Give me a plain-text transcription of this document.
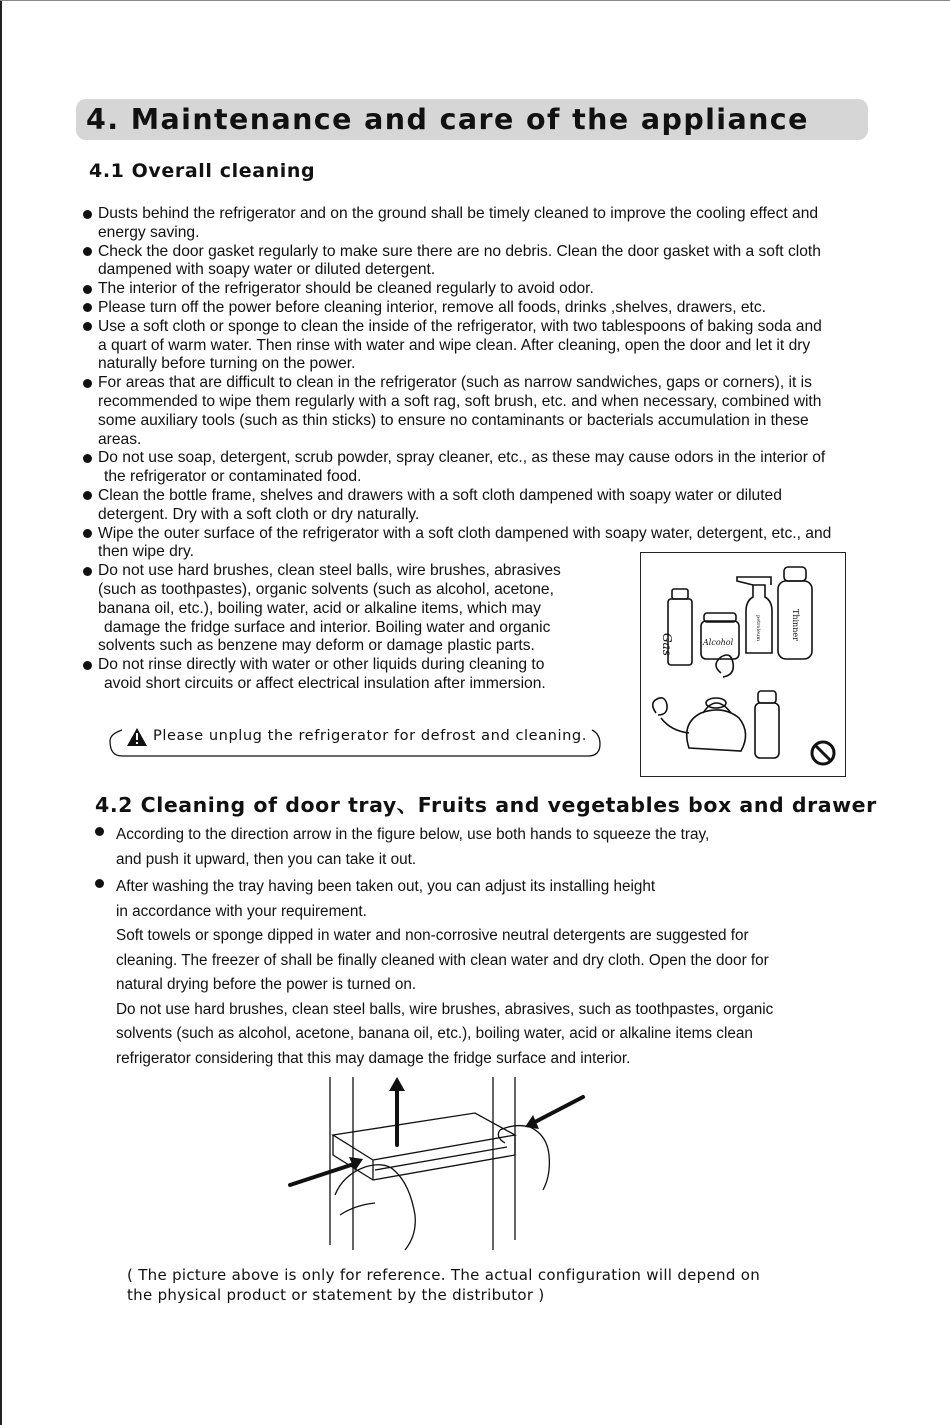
4. Maintenance and care of the appliance
4.1 Overall cleaning
Dusts behind the refrigerator and on the ground shall be timely cleaned to improve the cooling effect and
energy saving.
Check the door gasket regularly to make sure there are no debris. Clean the door gasket with a soft cloth
dampened with soapy water or diluted detergent.
The interior of the refrigerator should be cleaned regularly to avoid odor.
Please turn off the power before cleaning interior, remove all foods, drinks ,shelves, drawers, etc.
Use a soft cloth or sponge to clean the inside of the refrigerator, with two tablespoons of baking soda and
a quart of warm water. Then rinse with water and wipe clean. After cleaning, open the door and let it dry
naturally before turning on the power.
For areas that are difficult to clean in the refrigerator (such as narrow sandwiches, gaps or corners), it is
recommended to wipe them regularly with a soft rag, soft brush, etc. and when necessary, combined with
some auxiliary tools (such as thin sticks) to ensure no contaminants or bacterials accumulation in these
areas.
Do not use soap, detergent, scrub powder, spray cleaner, etc., as these may cause odors in the interior of
the refrigerator or contaminated food.
Clean the bottle frame, shelves and drawers with a soft cloth dampened with soapy water or diluted
detergent. Dry with a soft cloth or dry naturally.
Wipe the outer surface of the refrigerator with a soft cloth dampened with soapy water, detergent, etc., and
then wipe dry.
Do not use hard brushes, clean steel balls, wire brushes, abrasives
(such as toothpastes), organic solvents (such as alcohol, acetone,
banana oil, etc.), boiling water, acid or alkaline items, which may
damage the fridge surface and interior. Boiling water and organic
solvents such as benzene may deform or damage plastic parts.
Do not rinse directly with water or other liquids during cleaning to
avoid short circuits or affect electrical insulation after immersion.
Please unplug the refrigerator for defrost and cleaning.
Gas	Alcohol
petroleum	Thinner
4.2 Cleaning of door tray、Fruits and vegetables box and drawer

According to the direction arrow in the figure below, use both hands to squeeze the tray,

and push it upward, then you can take it out.

After washing the tray having been taken out, you can adjust its installing height

in accordance with your requirement.

Soft towels or sponge dipped in water and non-corrosive neutral detergents are suggested for

cleaning. The freezer of shall be finally cleaned with clean water and dry cloth. Open the door for

natural drying before the power is turned on.

Do not use hard brushes, clean steel balls, wire brushes, abrasives, such as toothpastes, organic

solvents (such as alcohol, acetone, banana oil, etc.), boiling water, acid or alkaline items clean

refrigerator considering that this may damage the fridge surface and interior.

( The picture above is only for reference. The actual configuration will depend on
the physical product or statement by the distributor )
